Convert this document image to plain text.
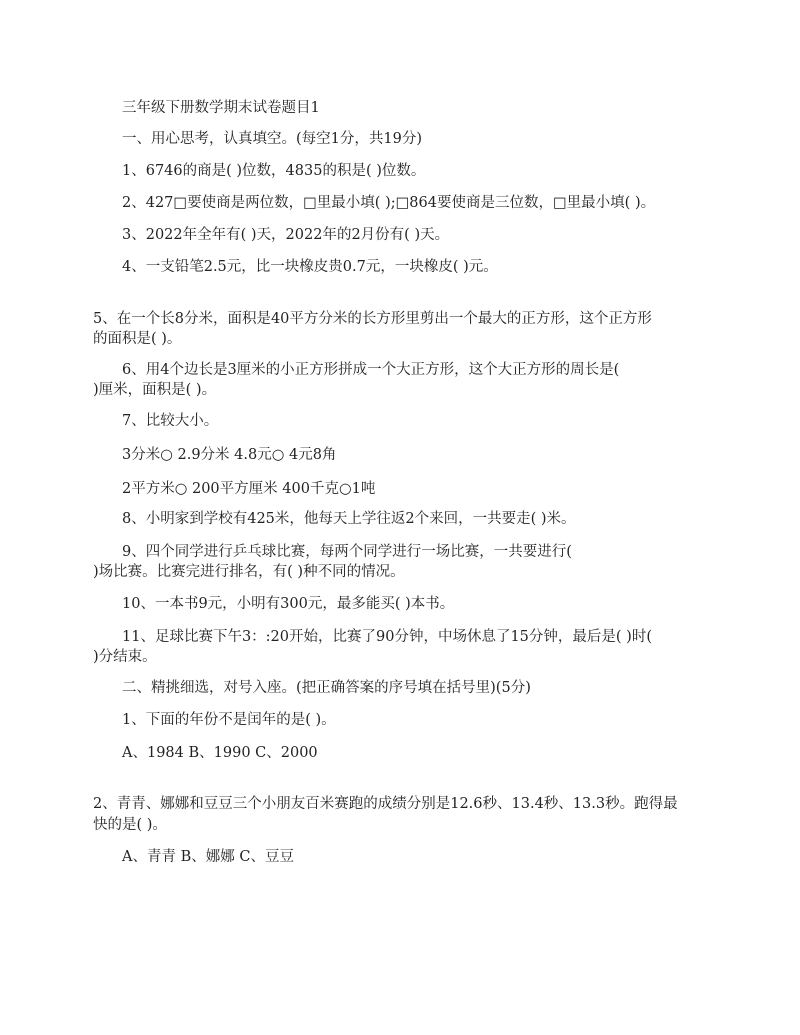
三年级下册数学期末试卷题目1
一、用心思考，认真填空。(每空1分，共19分)
1、6746的商是( )位数，4835的积是( )位数。
2、427□要使商是两位数，□里最小填( );□864要使商是三位数，□里最小填( )。
3、2022年全年有( )天，2022年的2月份有( )天。
4、一支铅笔2.5元，比一块橡皮贵0.7元，一块橡皮( )元。
5、在一个长8分米，面积是40平方分米的长方形里剪出一个最大的正方形，这个正方形
的面积是( )。
6、用4个边长是3厘米的小正方形拼成一个大正方形，这个大正方形的周长是(
)厘米，面积是( )。
7、比较大小。
3分米○ 2.9分米 4.8元○ 4元8角
2平方米○ 200平方厘米 400千克○1吨
8、小明家到学校有425米，他每天上学往返2个来回，一共要走( )米。
9、四个同学进行乒乓球比赛，每两个同学进行一场比赛，一共要进行(
)场比赛。比赛完进行排名，有( )种不同的情况。
10、一本书9元，小明有300元，最多能买( )本书。
11、足球比赛下午3：:20开始，比赛了90分钟，中场休息了15分钟，最后是( )时(
)分结束。
二、精挑细选，对号入座。(把正确答案的序号填在括号里)(5分)
1、下面的年份不是闰年的是( )。
A、1984 B、1990 C、2000
2、青青、娜娜和豆豆三个小朋友百米赛跑的成绩分别是12.6秒、13.4秒、13.3秒。跑得最
快的是( )。
A、青青 B、娜娜 C、豆豆
